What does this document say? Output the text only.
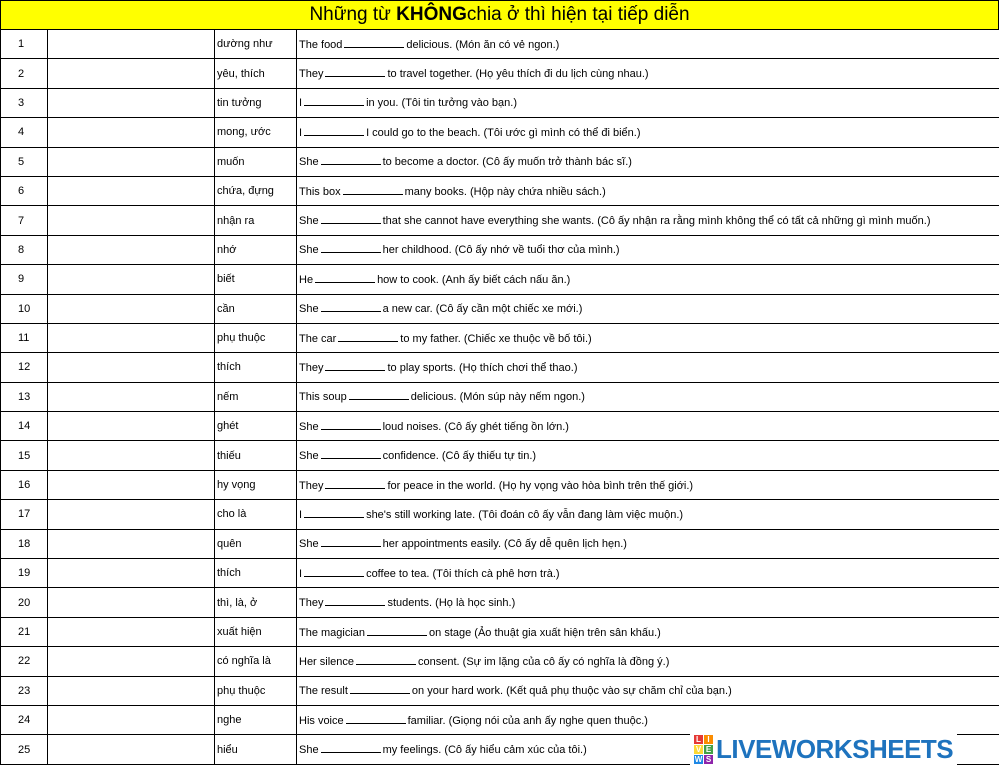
Những từ
KHÔNG chia ở thì hiện tại tiếp diễn
1		dường như	The food delicious. (Món ăn có vẻ ngon.)
2		yêu, thích	They to travel together. (Họ yêu thích đi du lịch cùng nhau.)
3		tin tưởng	I in you. (Tôi tin tưởng vào bạn.)
4		mong, ước	I I could go to the beach. (Tôi ước gì mình có thể đi biển.)
5		muốn	She to become a doctor. (Cô ấy muốn trở thành bác sĩ.)
6		chứa, đựng	This box many books. (Hộp này chứa nhiều sách.)
7		nhận ra	She that she cannot have everything she wants. (Cô ấy nhận ra rằng mình không thể có tất cả những gì mình muốn.)
8		nhớ	She her childhood. (Cô ấy nhớ về tuổi thơ của mình.)
9		biết	He how to cook. (Anh ấy biết cách nấu ăn.)
10		cần	She a new car. (Cô ấy cần một chiếc xe mới.)
11		phụ thuộc	The car to my father. (Chiếc xe thuộc về bố tôi.)
12		thích	They to play sports. (Họ thích chơi thể thao.)
13		nếm	This soup delicious. (Món súp này nếm ngon.)
14		ghét	She loud noises. (Cô ấy ghét tiếng ồn lớn.)
15		thiếu	She confidence. (Cô ấy thiếu tự tin.)
16		hy vọng	They for peace in the world. (Họ hy vọng vào hòa bình trên thế giới.)
17		cho là	I she's still working late. (Tôi đoán cô ấy vẫn đang làm việc muộn.)
18		quên	She her appointments easily. (Cô ấy dễ quên lịch hẹn.)
19		thích	I coffee to tea. (Tôi thích cà phê hơn trà.)
20		thì, là, ở	They students. (Họ là học sinh.)
21		xuất hiện	The magician on stage (Ảo thuật gia xuất hiện trên sân khấu.)
22		có nghĩa là	Her silence consent. (Sự im lặng của cô ấy có nghĩa là đồng ý.)
23		phụ thuộc	The result on your hard work. (Kết quả phụ thuộc vào sự chăm chỉ của bạn.)
24		nghe	His voice familiar. (Giọng nói của anh ấy nghe quen thuộc.)
25		hiểu	She my feelings. (Cô ấy hiểu cảm xúc của tôi.)
L I
V E
W S LIVEWORKSHEETS
